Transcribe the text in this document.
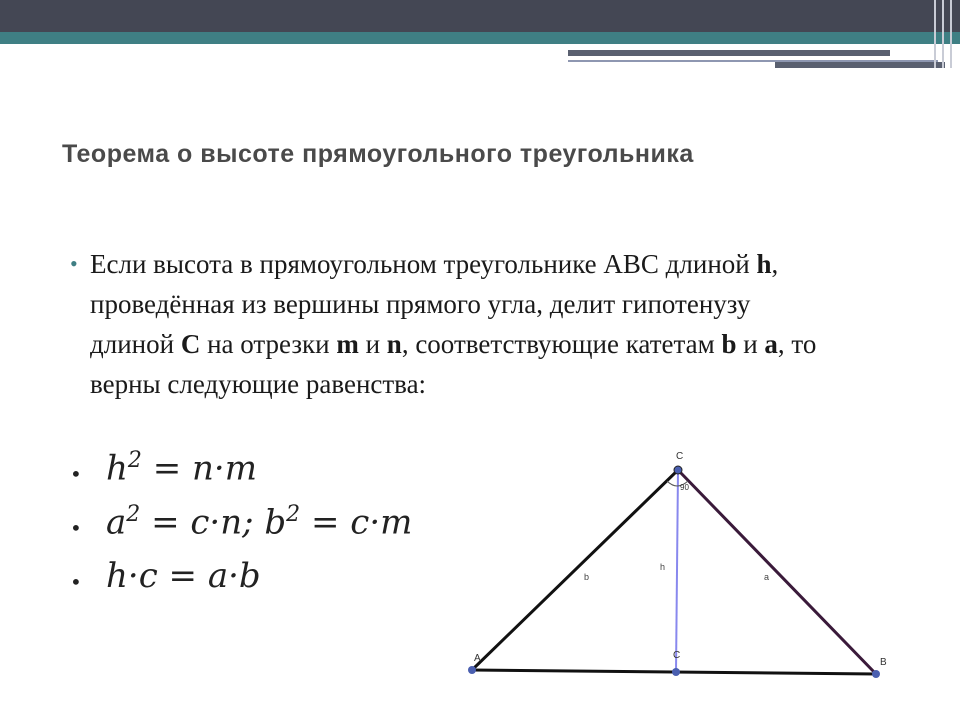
Теорема о высоте прямоугольного треугольника
• Если высота в прямоугольном треугольнике ABC длиной h, проведённая из вершины прямого угла, делит гипотенузу длиной С на отрезки m и n, соответствующие катетам b и a, то верны следующие равенства:
• $h^2 = n\cdot m$
• $a^2 = c\cdot n$; $b^2 = c\cdot m$
• h·c = a·b
C
90
A	C
B
b	a
h
